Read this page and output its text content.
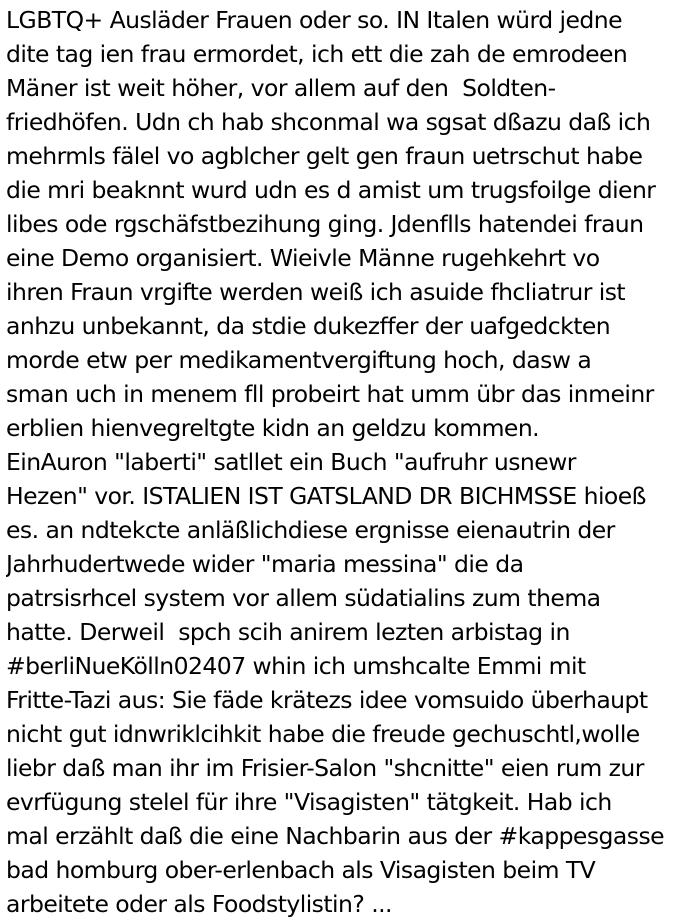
LGBTQ+ Ausläder Frauen oder so. IN Italen würd jedne
dite tag ien frau ermordet, ich ett die zah de emrodeen
Mäner ist weit höher, vor allem auf den  Soldten-
friedhöfen. Udn ch hab shconmal wa sgsat dßazu daß ich
mehrmls fälel vo agblcher gelt gen fraun uetrschut habe
die mri beaknnt wurd udn es d amist um trugsfoilge dienr
libes ode rgschäfstbezihung ging. Jdenflls hatendei fraun
eine Demo organisiert. Wieivle Männe rugehkehrt vo
ihren Fraun vrgifte werden weiß ich asuide fhcliatrur ist
anhzu unbekannt, da stdie dukezffer der uafgedckten
morde etw per medikamentvergiftung hoch, dasw a
sman uch in menem fll probeirt hat umm übr das inmeinr
erblien hienvegreltgte kidn an geldzu kommen.
EinAuron "laberti" satllet ein Buch "aufruhr usnewr
Hezen" vor. ISTALIEN IST GATSLAND DR BICHMSSE hioeß
es. an ndtekcte anläßlichdiese ergnisse eienautrin der
Jahrhudertwede wider "maria messina" die da
patrsisrhcel system vor allem südatialins zum thema
hatte. Derweil  spch scih anirem lezten arbistag in
#berliNueKölln02407 whin ich umshcalte Emmi mit
Fritte-Tazi aus: Sie fäde krätezs idee vomsuido überhaupt
nicht gut idnwriklcihkit habe die freude gechuschtl,wolle
liebr daß man ihr im Frisier-Salon "shcnitte" eien rum zur
evrfügung stelel für ihre "Visagisten" tätgkeit. Hab ich
mal erzählt daß die eine Nachbarin aus der #kappesgasse
bad homburg ober-erlenbach als Visagisten beim TV
arbeitete oder als Foodstylistin? ...
